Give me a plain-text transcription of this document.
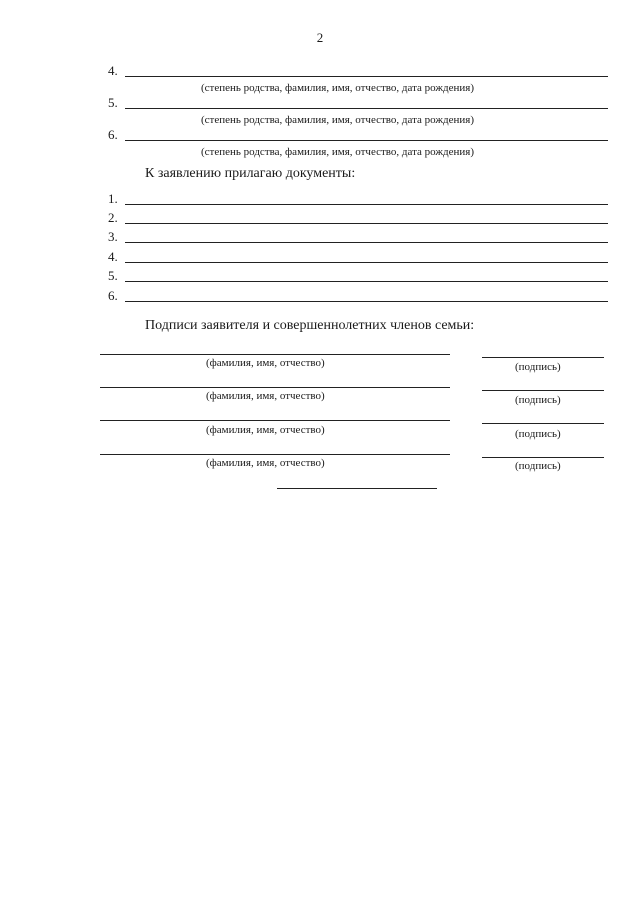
2
4.
(степень родства, фамилия, имя, отчество, дата рождения)
5.
(степень родства, фамилия, имя, отчество, дата рождения)
6.
(степень родства, фамилия, имя, отчество, дата рождения)
К заявлению прилагаю документы:
1.
2.
3.
4.
5.
6.
Подписи заявителя и совершеннолетних членов семьи:
(фамилия, имя, отчество)	(подпись)
(фамилия, имя, отчество)	(подпись)
(фамилия, имя, отчество)	(подпись)
(фамилия, имя, отчество)	(подпись)
